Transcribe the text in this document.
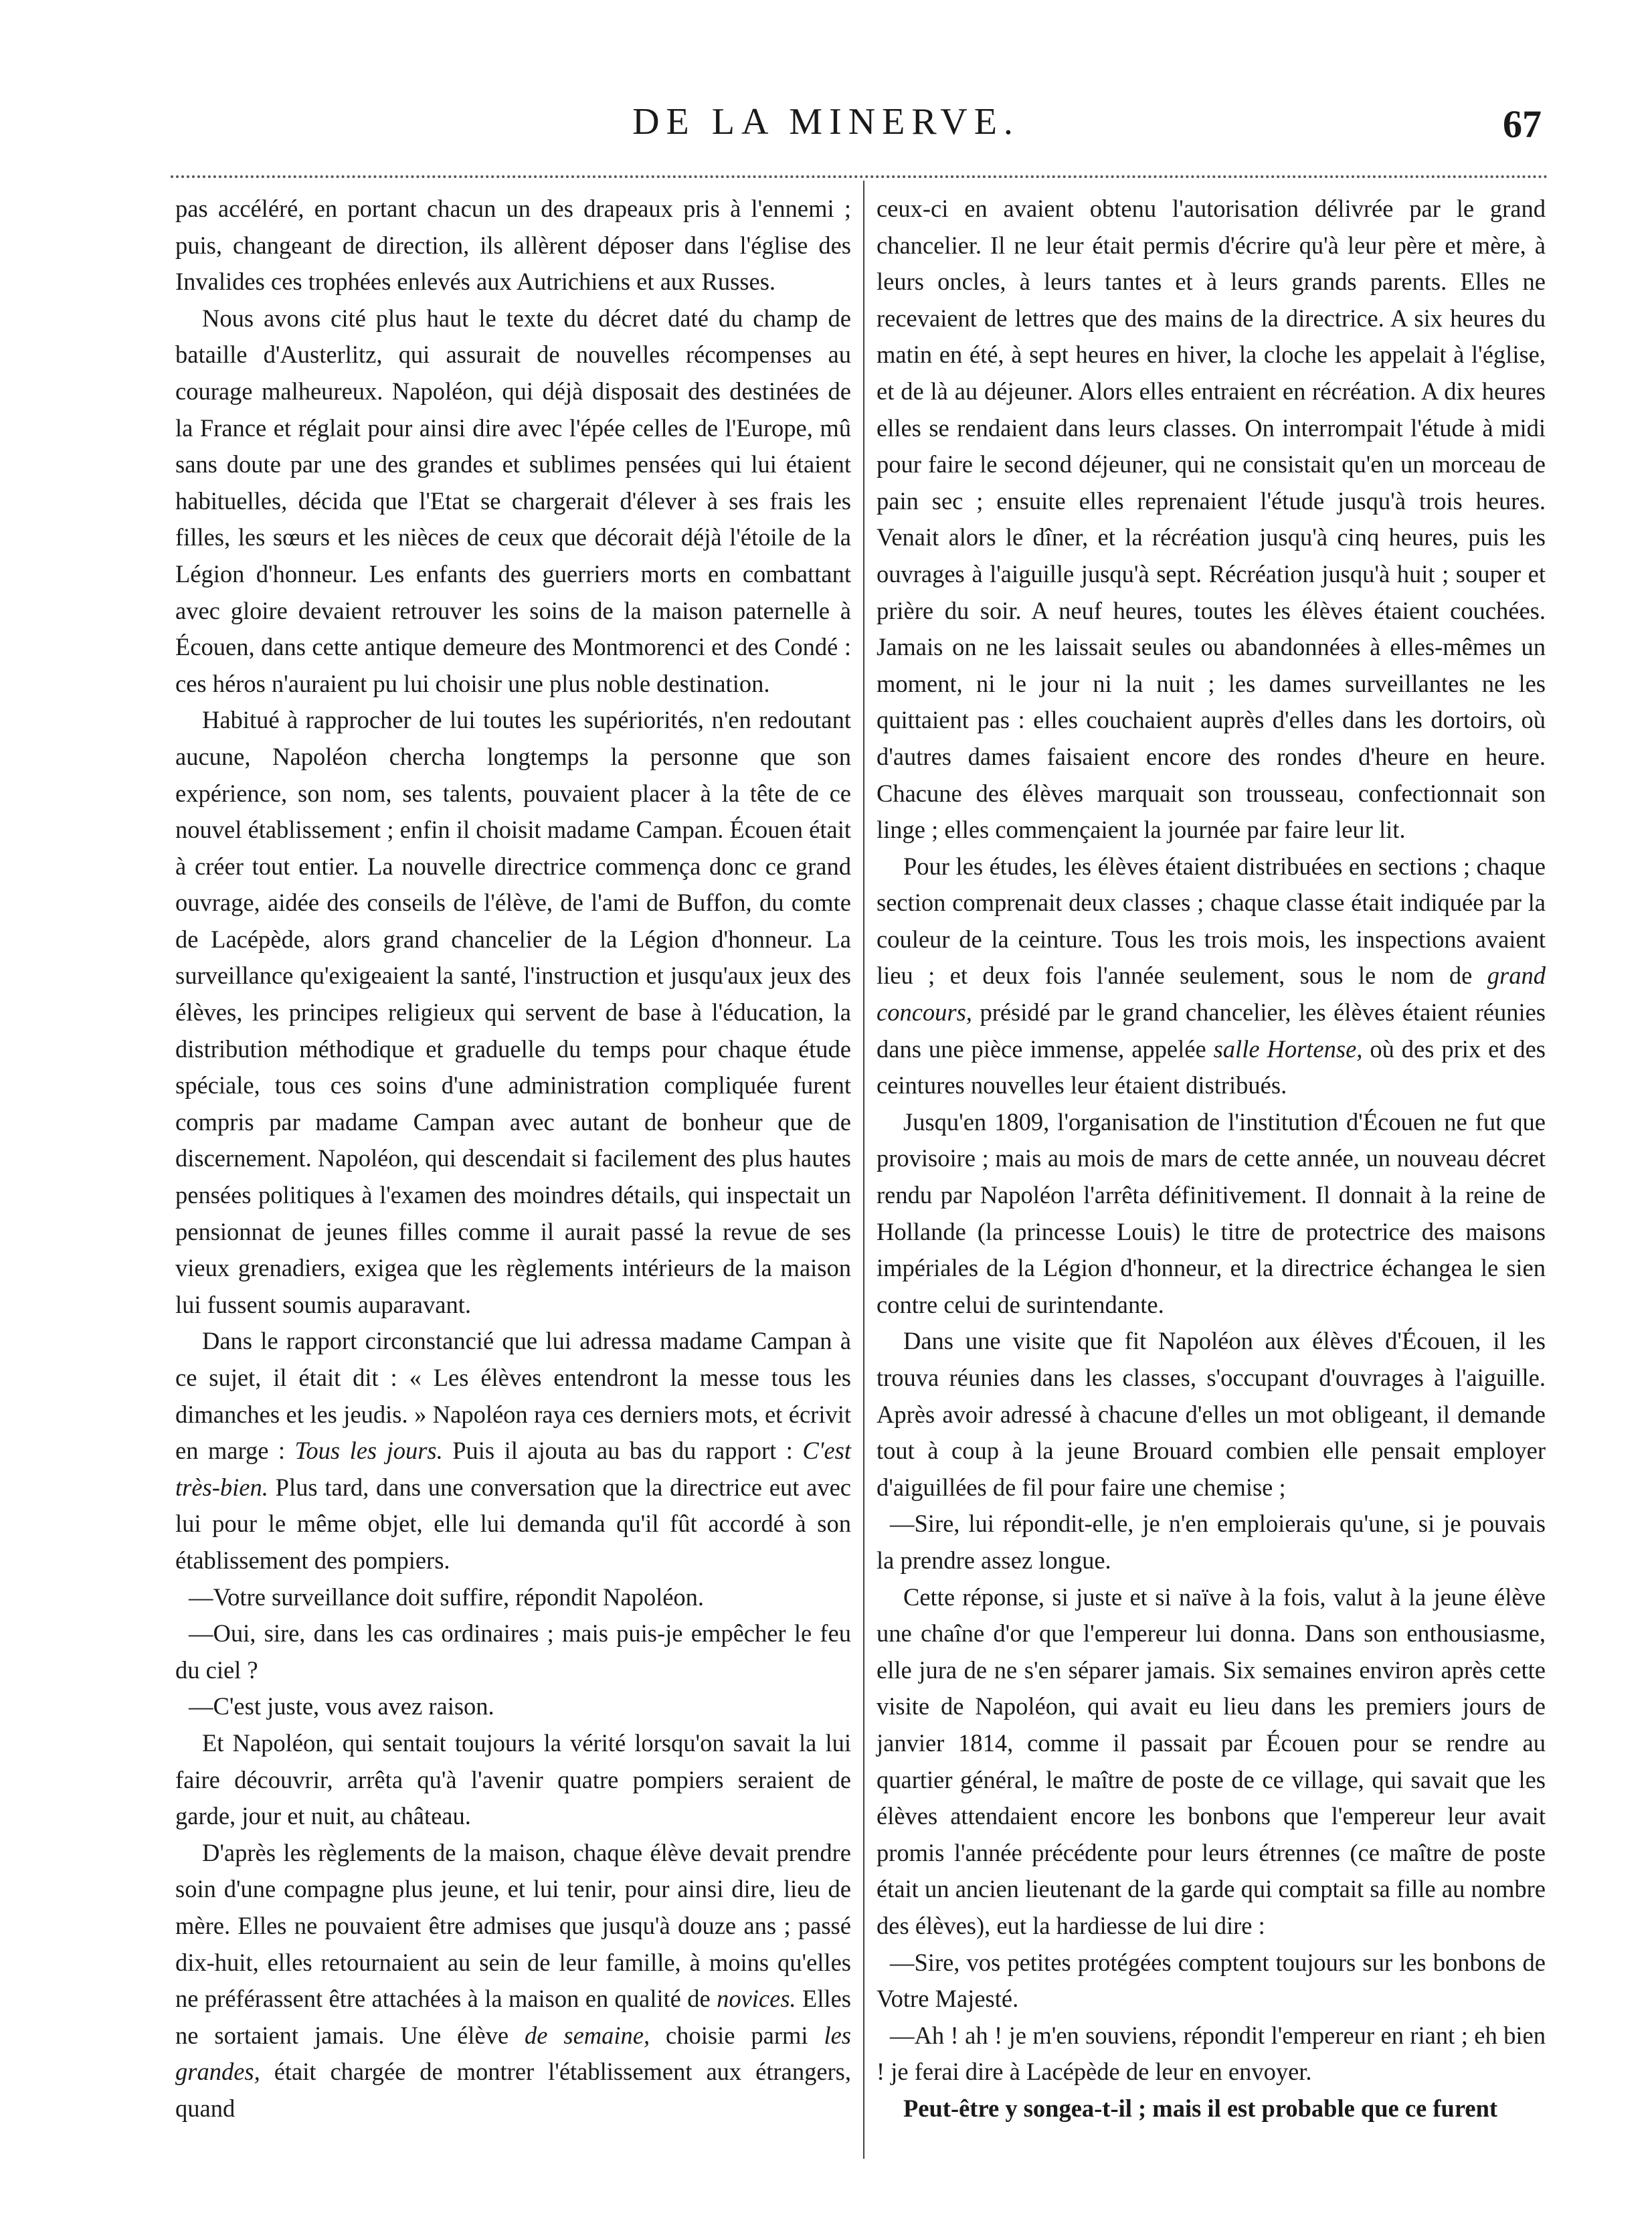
DE LA MINERVE.	67

pas accéléré, en portant chacun un des drapeaux pris à l'ennemi ; puis, changeant de direction, ils allèrent déposer dans l'église des Invalides ces trophées enlevés aux Autrichiens et aux Russes.

Nous avons cité plus haut le texte du décret daté du champ de bataille d'Austerlitz, qui assurait de nouvelles récompenses au courage malheureux. Napoléon, qui déjà disposait des destinées de la France et réglait pour ainsi dire avec l'épée celles de l'Europe, mû sans doute par une des grandes et sublimes pensées qui lui étaient habituelles, décida que l'Etat se chargerait d'élever à ses frais les filles, les sœurs et les nièces de ceux que décorait déjà l'étoile de la Légion d'honneur. Les enfants des guerriers morts en combattant avec gloire devaient retrouver les soins de la maison paternelle à Écouen, dans cette antique demeure des Montmorenci et des Condé : ces héros n'auraient pu lui choisir une plus noble destination.

Habitué à rapprocher de lui toutes les supériorités, n'en redoutant aucune, Napoléon chercha longtemps la personne que son expérience, son nom, ses talents, pouvaient placer à la tête de ce nouvel établissement ; enfin il choisit madame Campan. Écouen était à créer tout entier. La nouvelle directrice commença donc ce grand ouvrage, aidée des conseils de l'élève, de l'ami de Buffon, du comte de Lacépède, alors grand chancelier de la Légion d'honneur. La surveillance qu'exigeaient la santé, l'instruction et jusqu'aux jeux des élèves, les principes religieux qui servent de base à l'éducation, la distribution méthodique et graduelle du temps pour chaque étude spéciale, tous ces soins d'une administration compliquée furent compris par madame Campan avec autant de bonheur que de discernement. Napoléon, qui descendait si facilement des plus hautes pensées politiques à l'examen des moindres détails, qui inspectait un pensionnat de jeunes filles comme il aurait passé la revue de ses vieux grenadiers, exigea que les règlements intérieurs de la maison lui fussent soumis auparavant.

Dans le rapport circonstancié que lui adressa madame Campan à ce sujet, il était dit : « Les élèves entendront la messe tous les dimanches et les jeudis. » Napoléon raya ces derniers mots, et écrivit en marge : Tous les jours. Puis il ajouta au bas du rapport : C'est très-bien. Plus tard, dans une conversation que la directrice eut avec lui pour le même objet, elle lui demanda qu'il fût accordé à son établissement des pompiers.

—Votre surveillance doit suffire, répondit Napoléon.

—Oui, sire, dans les cas ordinaires ; mais puis-je empêcher le feu du ciel ?

—C'est juste, vous avez raison.

Et Napoléon, qui sentait toujours la vérité lorsqu'on savait la lui faire découvrir, arrêta qu'à l'avenir quatre pompiers seraient de garde, jour et nuit, au château.

D'après les règlements de la maison, chaque élève devait prendre soin d'une compagne plus jeune, et lui tenir, pour ainsi dire, lieu de mère. Elles ne pouvaient être admises que jusqu'à douze ans ; passé dix-huit, elles retournaient au sein de leur famille, à moins qu'elles ne préférassent être attachées à la maison en qualité de novices. Elles ne sortaient jamais. Une élève de semaine, choisie parmi les grandes, était chargée de montrer l'établissement aux étrangers, quand

ceux-ci en avaient obtenu l'autorisation délivrée par le grand chancelier. Il ne leur était permis d'écrire qu'à leur père et mère, à leurs oncles, à leurs tantes et à leurs grands parents. Elles ne recevaient de lettres que des mains de la directrice. A six heures du matin en été, à sept heures en hiver, la cloche les appelait à l'église, et de là au déjeuner. Alors elles entraient en récréation. A dix heures elles se rendaient dans leurs classes. On interrompait l'étude à midi pour faire le second déjeuner, qui ne consistait qu'en un morceau de pain sec ; ensuite elles reprenaient l'étude jusqu'à trois heures. Venait alors le dîner, et la récréation jusqu'à cinq heures, puis les ouvrages à l'aiguille jusqu'à sept. Récréation jusqu'à huit ; souper et prière du soir. A neuf heures, toutes les élèves étaient couchées. Jamais on ne les laissait seules ou abandonnées à elles-mêmes un moment, ni le jour ni la nuit ; les dames surveillantes ne les quittaient pas : elles couchaient auprès d'elles dans les dortoirs, où d'autres dames faisaient encore des rondes d'heure en heure. Chacune des élèves marquait son trousseau, confectionnait son linge ; elles commençaient la journée par faire leur lit.

Pour les études, les élèves étaient distribuées en sections ; chaque section comprenait deux classes ; chaque classe était indiquée par la couleur de la ceinture. Tous les trois mois, les inspections avaient lieu ; et deux fois l'année seulement, sous le nom de grand concours, présidé par le grand chancelier, les élèves étaient réunies dans une pièce immense, appelée salle Hortense, où des prix et des ceintures nouvelles leur étaient distribués.

Jusqu'en 1809, l'organisation de l'institution d'Écouen ne fut que provisoire ; mais au mois de mars de cette année, un nouveau décret rendu par Napoléon l'arrêta définitivement. Il donnait à la reine de Hollande (la princesse Louis) le titre de protectrice des maisons impériales de la Légion d'honneur, et la directrice échangea le sien contre celui de surintendante.

Dans une visite que fit Napoléon aux élèves d'Écouen, il les trouva réunies dans les classes, s'occupant d'ouvrages à l'aiguille. Après avoir adressé à chacune d'elles un mot obligeant, il demande tout à coup à la jeune Brouard combien elle pensait employer d'aiguillées de fil pour faire une chemise ;

—Sire, lui répondit-elle, je n'en emploierais qu'une, si je pouvais la prendre assez longue.

Cette réponse, si juste et si naïve à la fois, valut à la jeune élève une chaîne d'or que l'empereur lui donna. Dans son enthousiasme, elle jura de ne s'en séparer jamais. Six semaines environ après cette visite de Napoléon, qui avait eu lieu dans les premiers jours de janvier 1814, comme il passait par Écouen pour se rendre au quartier général, le maître de poste de ce village, qui savait que les élèves attendaient encore les bonbons que l'empereur leur avait promis l'année précédente pour leurs étrennes (ce maître de poste était un ancien lieutenant de la garde qui comptait sa fille au nombre des élèves), eut la hardiesse de lui dire :

—Sire, vos petites protégées comptent toujours sur les bonbons de Votre Majesté.

—Ah ! ah ! je m'en souviens, répondit l'empereur en riant ; eh bien ! je ferai dire à Lacépède de leur en envoyer.

Peut-être y songea-t-il ; mais il est probable que ce furent
